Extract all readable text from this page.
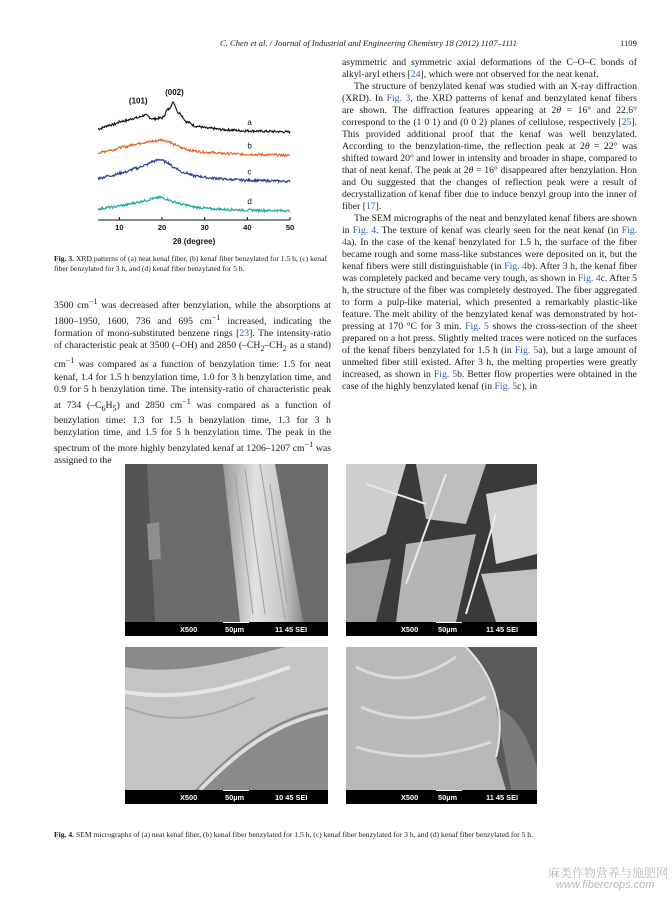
C. Chen et al. / Journal of Industrial and Engineering Chemistry 18 (2012) 1107–1111	1109
a
b
c
d
(101)
(002)
10	20	30	40	50
2θ (degree)
Fig. 3. XRD patterns of (a) neat kenaf fiber, (b) kenaf fiber benzylated for 1.5 h, (c) kenaf fiber benzylated for 3 h, and (d) kenaf fiber benzylated for 5 h.

3500 $cm^{-1}$ was decreased after benzylation, while the absorptions at 1800–1950, 1600, 736 and 695 $cm^{-1}$ increased, indicating the formation of mono-substituted benzene rings [23]. The intensity-ratio of characteristic peak at 3500 (–OH) and 2850 ($-CH_2-CH_2$ as a stand) $cm^{-1}$ was compared as a function of benzylation time: 1.5 for neat kenaf, 1.4 for 1.5 h benzylation time, 1.0 for 3 h benzylation time, and 0.9 for 5 h benzylation time. The intensity-ratio of characteristic peak at 734 $(-C_6H_5)$ and 2850 $cm^{-1}$ was compared as a function of benzylation time: 1.3 for 1.5 h benzylation time, 1.3 for 3 h benzylation time, and 1.5 for 5 h benzylation time. The peak in the spectrum of the more highly benzylated kenaf at 1206–1207 $cm^{-1}$ was assigned to the

asymmetric and symmetric axial deformations of the C–O–C bonds of alkyl-aryl ethers [24], which were not observed for the neat kenaf.

The structure of benzylated kenaf was studied with an X-ray diffraction (XRD). In Fig. 3, the XRD patterns of kenaf and benzylated kenaf fibers are shown. The diffraction features appearing at 2θ = 16° and 22.6° correspond to the (1 0 1) and (0 0 2) planes of cellulose, respectively [25]. This provided additional proof that the kenaf was well benzylated. According to the benzylation-time, the reflection peak at 2θ = 22° was shifted toward 20° and lower in intensity and broader in shape, compared to that of neat kenaf. The peak at 2θ = 16° disappeared after benzylation. Hon and Ou suggested that the changes of reflection peak were a result of decrystallization of kenaf fiber due to induce benzyl group into the inner of fiber [17].

The SEM micrographs of the neat and benzylated kenaf fibers are shown in Fig. 4. The texture of kenaf was clearly seen for the neat kenaf (in Fig. 4a). In the case of the kenaf benzylated for 1.5 h, the surface of the fiber became rough and some mass-like substances were deposited on it, but the kenaf fibers were still distinguishable (in Fig. 4b). After 3 h, the kenaf fiber was completely packed and became very tough, as shown in Fig. 4c. After 5 h, the structure of the fiber was completely destroyed. The fiber aggregated to form a pulp-like material, which presented a remarkably plastic-like feature. The melt ability of the benzylated kenaf was demonstrated by hot-pressing at 170 °C for 3 min. Fig. 5 shows the cross-section of the sheet prepared on a hot press. Slightly melted traces were noticed on the surfaces of the kenaf fibers benzylated for 1.5 h (in Fig. 5a), but a large amount of unmelted fiber still existed. After 3 h, the melting properties were greatly increased, as shown in Fig. 5b. Better flow properties were obtained in the case of the highly benzylated kenaf (in Fig. 5c), in

X500	50µm	11 45 SEI	X500	50µm	11 45 SEI
X500	50µm	10 45 SEI	X500	50µm	11 45 SEI
Fig. 4. SEM micrographs of (a) neat kenaf fiber, (b) kenaf fiber benzylated for 1.5 h, (c) kenaf fiber benzylated for 3 h, and (d) kenaf fiber benzylated for 5 h.
麻类作物营养与施肥网
www.fibercrops.com
